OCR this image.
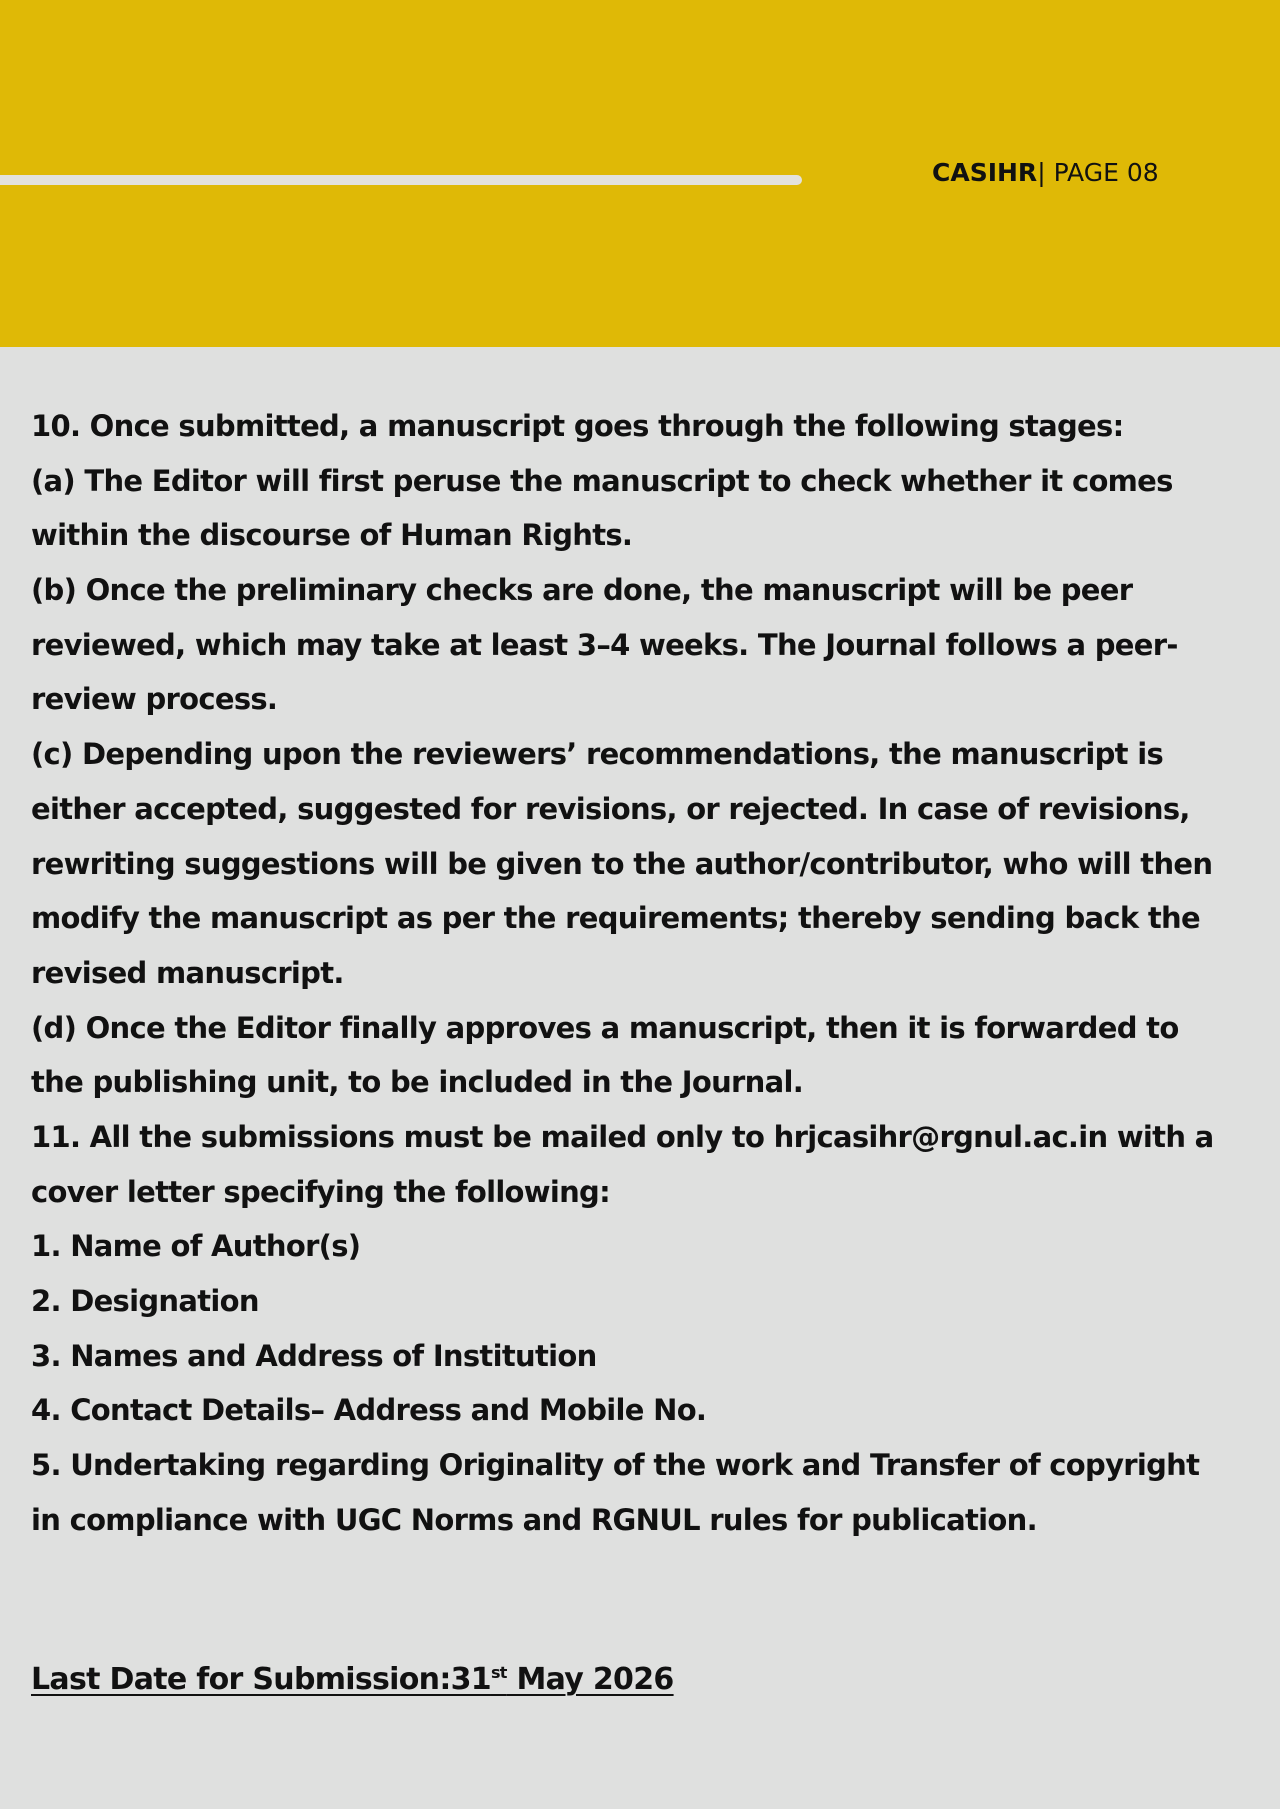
CASIHR| PAGE 08
10. Once submitted, a manuscript goes through the following stages:
(a) The Editor will first peruse the manuscript to check whether it comes
within the discourse of Human Rights.
(b) Once the preliminary checks are done, the manuscript will be peer
reviewed, which may take at least 3–4 weeks. The Journal follows a peer-
review process.
(c) Depending upon the reviewers’ recommendations, the manuscript is
either accepted, suggested for revisions, or rejected. In case of revisions,
rewriting suggestions will be given to the author/contributor, who will then
modify the manuscript as per the requirements; thereby sending back the
revised manuscript.
(d) Once the Editor finally approves a manuscript, then it is forwarded to
the publishing unit, to be included in the Journal.
11. All the submissions must be mailed only to hrjcasihr@rgnul.ac.in with a
cover letter specifying the following:
1. Name of Author(s)
2. Designation
3. Names and Address of Institution
4. Contact Details– Address and Mobile No.
5. Undertaking regarding Originality of the work and Transfer of copyright
in compliance with UGC Norms and RGNUL rules for publication.
Last Date for Submission:31st May 2026
